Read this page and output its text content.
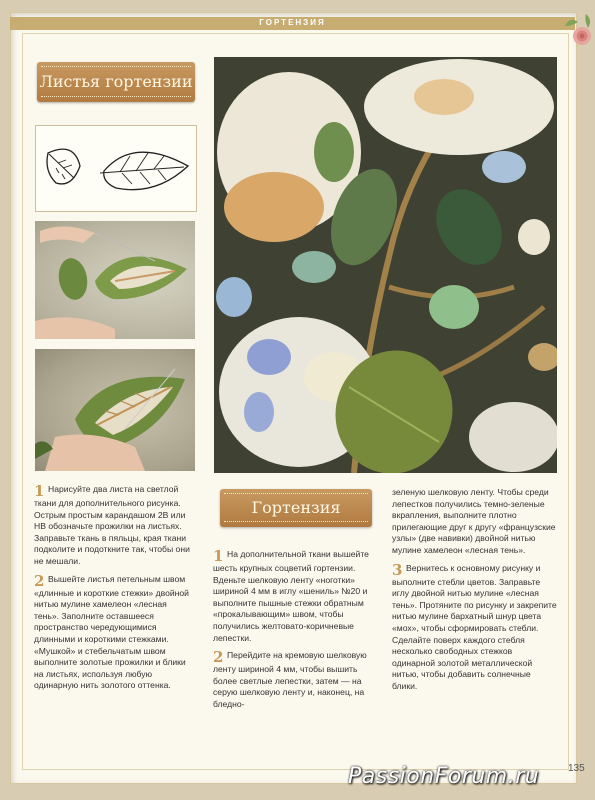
ГОРТЕНЗИЯ
Листья гортензии
Гортензия

1 Нарисуйте два листа на светлой ткани для дополнительного рисунка. Острым простым карандашом 2В или НВ обозначьте прожилки на листьях. Заправьте ткань в пяльцы, края ткани подколите и подоткните так, чтобы они не мешали.

2 Вышейте листья петельным швом «длинные и короткие стежки» двойной нитью мулине хамелеон «лесная тень». Заполните оставшееся пространство чередующимися длинными и короткими стежками. «Мушкой» и стебельчатым швом выполните золотые прожилки и блики на листьях, используя любую одинарную нить золотого оттенка.

1 На дополнительной ткани вышейте шесть крупных соцветий гортензии. Вденьте шелковую ленту «ноготки» шириной 4 мм в иглу «шениль» №20 и выполните пышные стежки обратным «прокалывающим» швом, чтобы получились желтовато-коричневые лепестки.

2 Перейдите на кремовую шелковую ленту шириной 4 мм, чтобы вышить более светлые лепестки, затем — на серую шелковую ленту и, наконец, на бледно-

зеленую шелковую ленту. Чтобы среди лепестков получились темно-зеленые вкрапления, выполните плотно прилегающие друг к другу «французские узлы» (две навивки) двойной нитью мулине хамелеон «лесная тень».

3 Вернитесь к основному рисунку и выполните стебли цветов. Заправьте иглу двойной нитью мулине «лесная тень». Протяните по рисунку и закрепите нитью мулине бархатный шнур цвета «мох», чтобы сформировать стебли. Сделайте поверх каждого стебля несколько свободных стежков одинарной золотой металлической нитью, чтобы добавить солнечные блики.

PassionForum.ru	135
